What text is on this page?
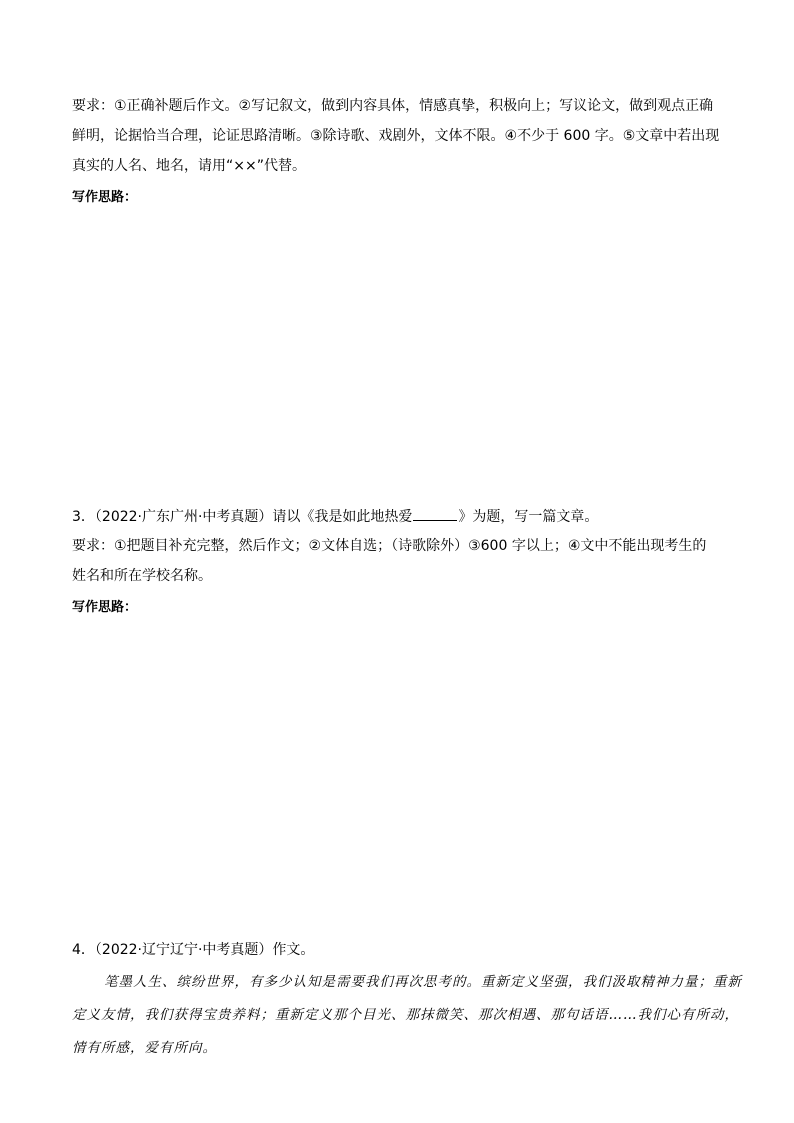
要求：①正确补题后作文。②写记叙文，做到内容具体，情感真挚，积极向上；写议论文，做到观点正确
鲜明，论据恰当合理，论证思路清晰。③除诗歌、戏剧外，文体不限。④不少于 600 字。⑤文章中若出现
真实的人名、地名，请用“××”代替。
写作思路：
3．（2022·广东广州·中考真题）请以《我是如此地热爱	》为题，写一篇文章。
要求：①把题目补充完整，然后作文；②文体自选；（诗歌除外）③600 字以上；④文中不能出现考生的
姓名和所在学校名称。
写作思路：
4．（2022·辽宁辽宁·中考真题）作文。
笔墨人生、缤纷世界，有多少认知是需要我们再次思考的。重新定义坚强，我们汲取精神力量；重新
定义友情，我们获得宝贵养料；重新定义那个目光、那抹微笑、那次相遇、那句话语……我们心有所动，
情有所感，爱有所向。
